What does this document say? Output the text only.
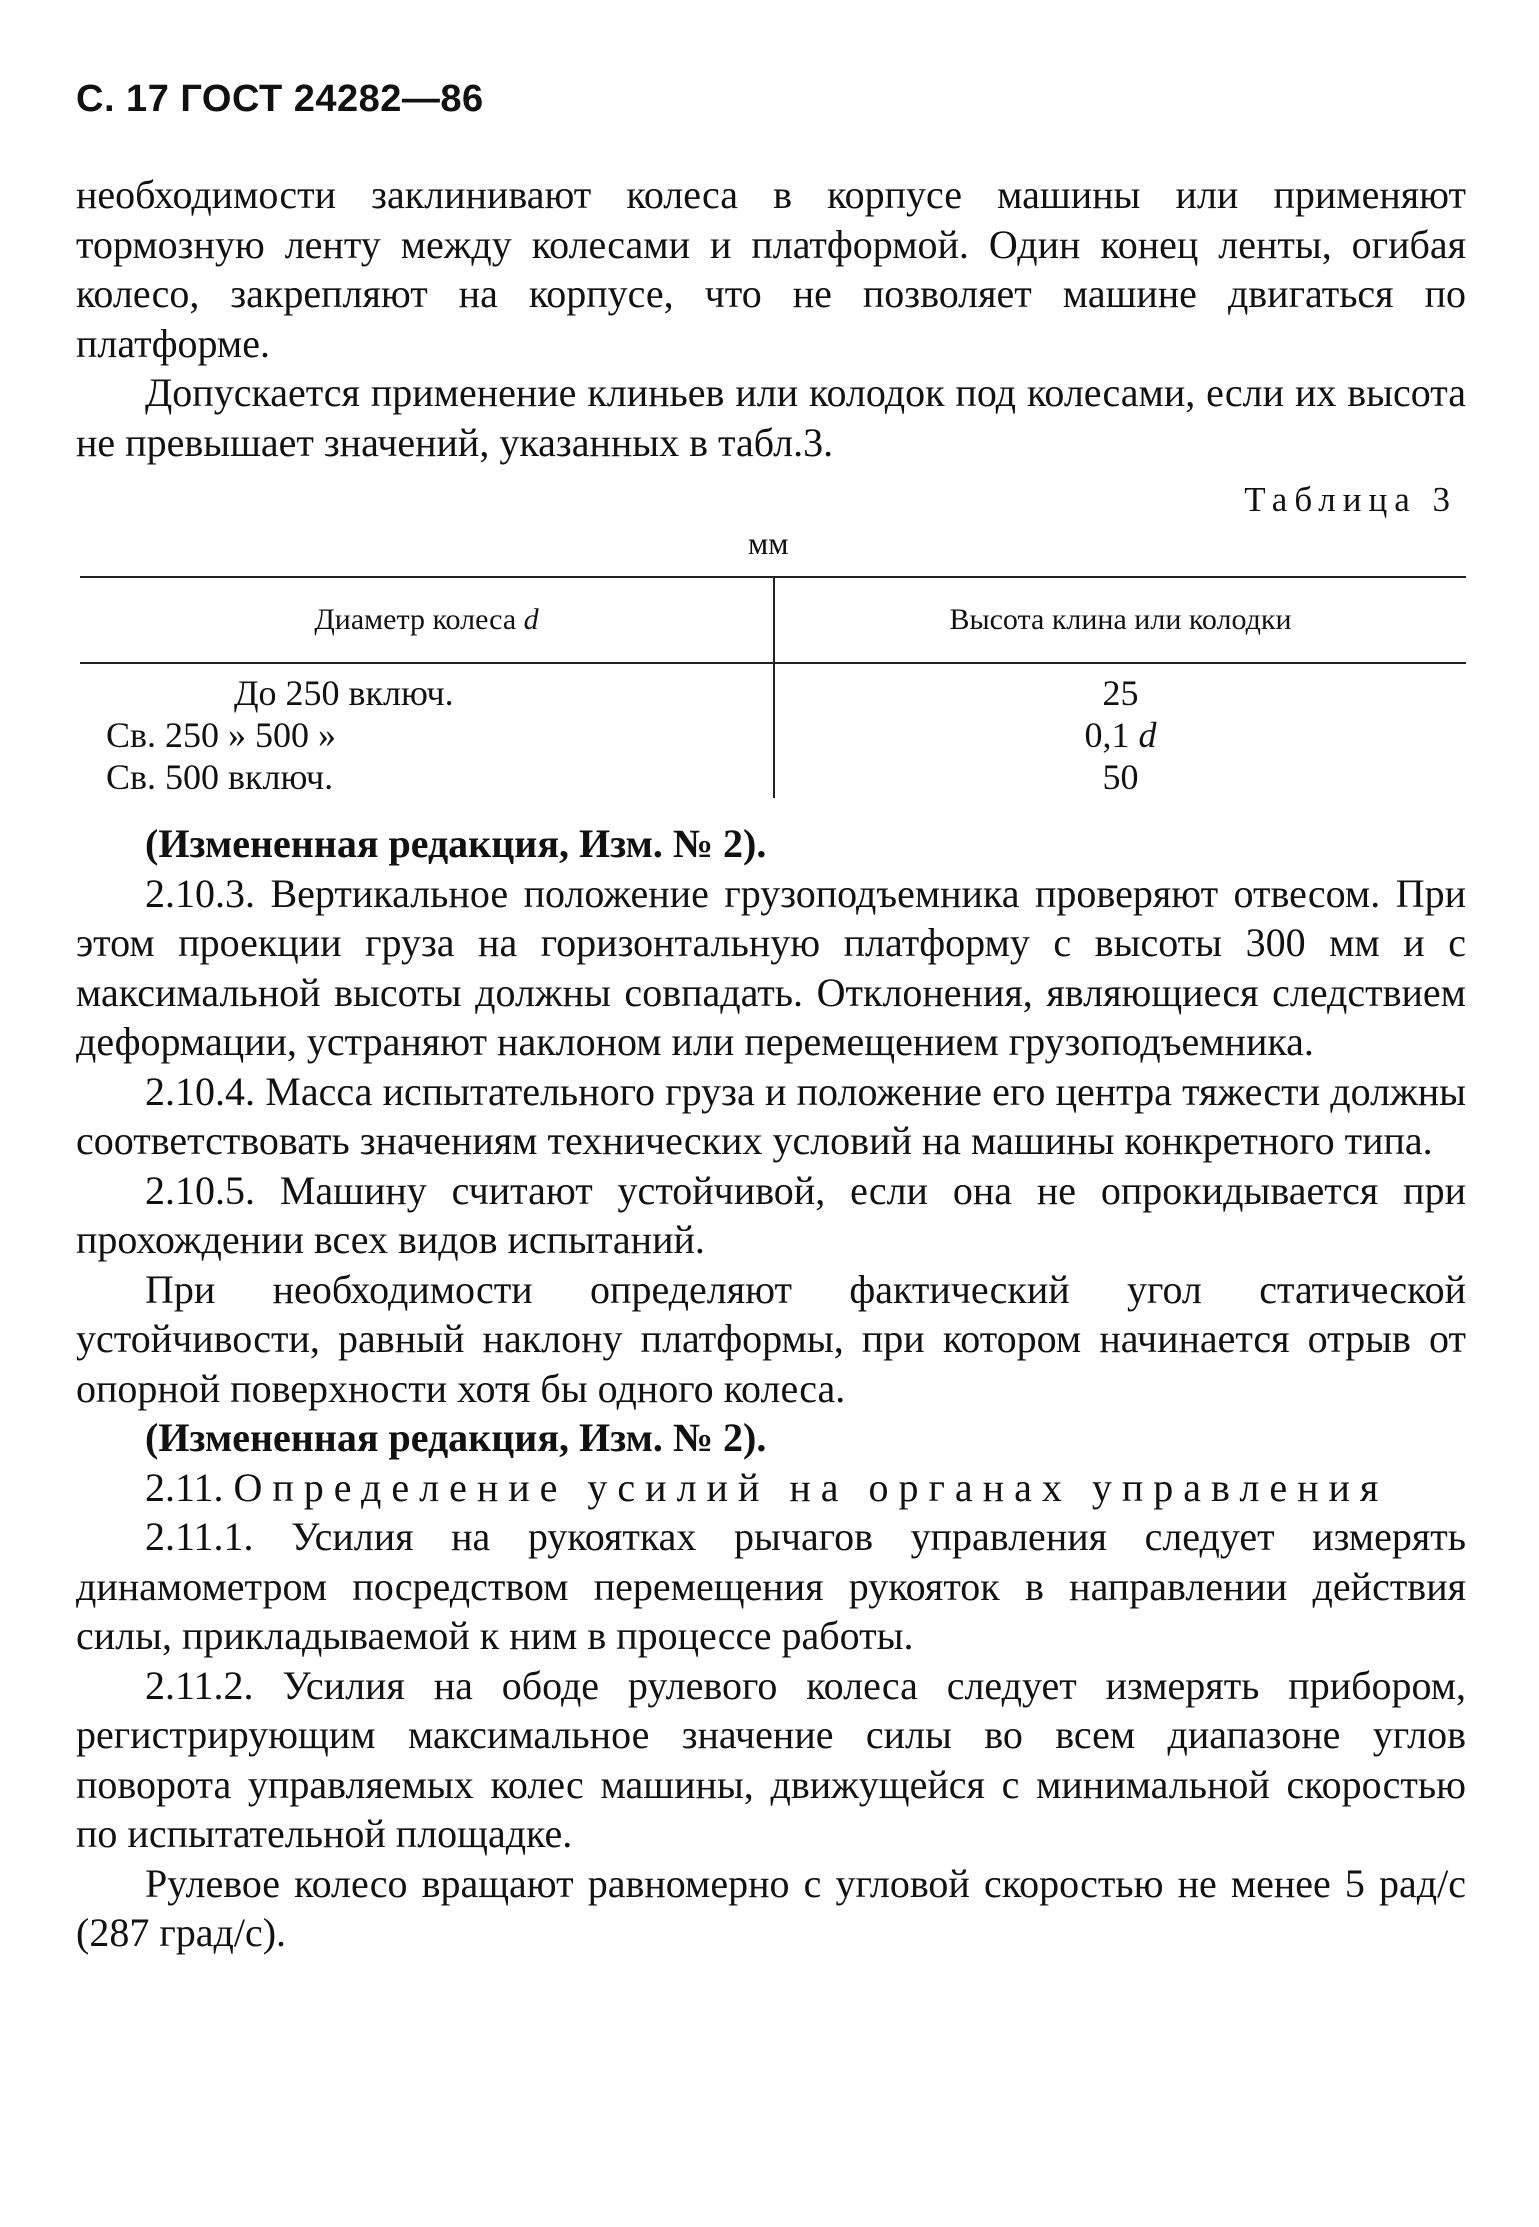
С. 17 ГОСТ 24282—86

необходимости заклинивают колеса в корпусе машины или применяют тормозную ленту между колесами и платформой. Один конец ленты, огибая колесо, закрепляют на корпусе, что не позволяет машине двигаться по платформе.

Допускается применение клиньев или колодок под колесами, если их высота не превышает значений, указанных в табл.3.

Таблица 3
мм
Диаметр колеса d	Высота клина или колодки

До 250 включ.	25
Св. 250 » 500 »	0,1 d
Св. 500 включ.	50

(Измененная редакция, Изм. № 2).

2.10.3. Вертикальное положение грузоподъемника проверяют отвесом. При этом проекции груза на горизонтальную платформу с высоты 300 мм и с максимальной высоты должны совпадать. Отклонения, являющиеся следствием деформации, устраняют наклоном или перемещением грузоподъемника.

2.10.4. Масса испытательного груза и положение его центра тяжести должны соответствовать значениям технических условий на машины конкретного типа.

2.10.5. Машину считают устойчивой, если она не опрокидывается при прохождении всех видов испытаний.

При необходимости определяют фактический угол статической устойчивости, равный наклону платформы, при котором начинается отрыв от опорной поверхности хотя бы одного колеса.

(Измененная редакция, Изм. № 2).

2.11. Определение усилий на органах управления

2.11.1. Усилия на рукоятках рычагов управления следует измерять динамометром посредством перемещения рукояток в направлении действия силы, прикладываемой к ним в процессе работы.

2.11.2. Усилия на ободе рулевого колеса следует измерять прибором, регистрирующим максимальное значение силы во всем диапазоне углов поворота управляемых колес машины, движущейся с минимальной скоростью по испытательной площадке.

Рулевое колесо вращают равномерно с угловой скоростью не менее 5 рад/с (287 град/с).
